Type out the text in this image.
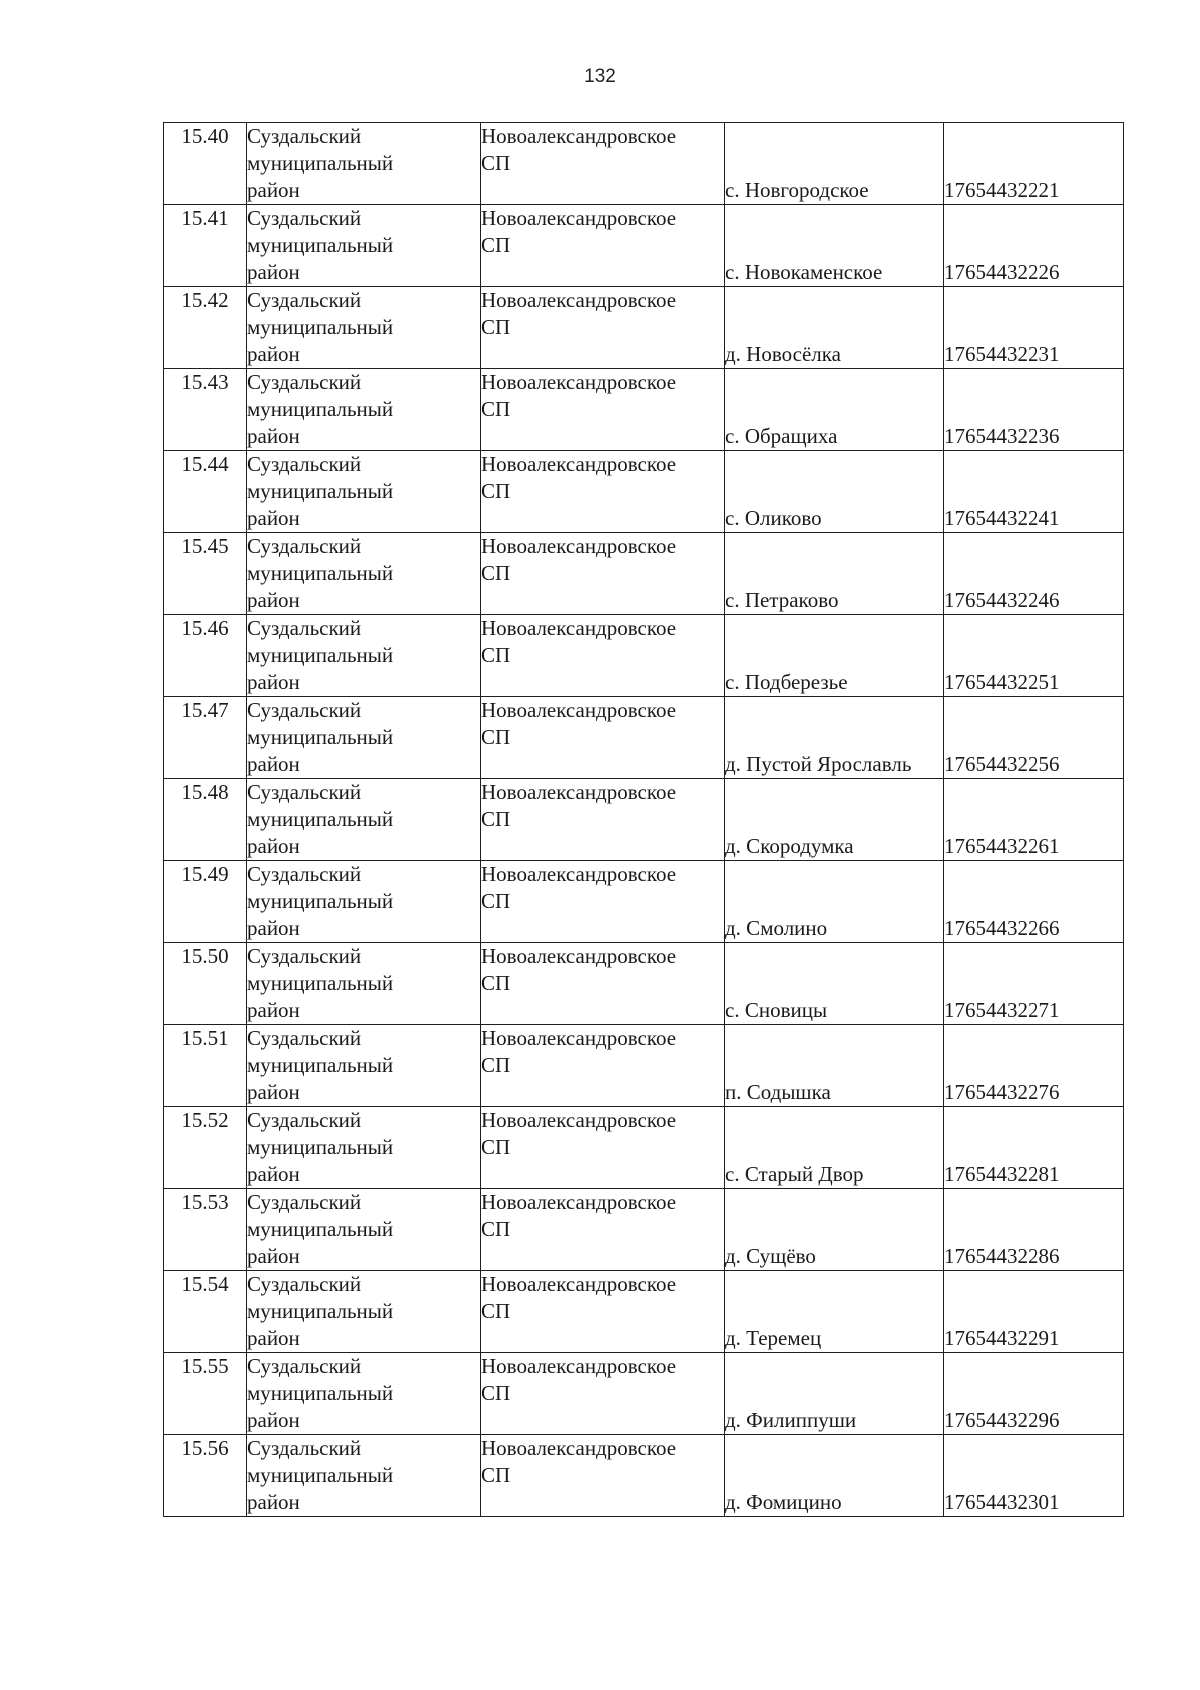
132
15.40	Суздальский
муниципальный
район	Новоалександровское
СП	с. Новгородское	17654432221
15.41	Суздальский
муниципальный
район	Новоалександровское
СП	с. Новокаменское	17654432226
15.42	Суздальский
муниципальный
район	Новоалександровское
СП	д. Новосёлка	17654432231
15.43	Суздальский
муниципальный
район	Новоалександровское
СП	с. Обращиха	17654432236
15.44	Суздальский
муниципальный
район	Новоалександровское
СП	с. Оликово	17654432241
15.45	Суздальский
муниципальный
район	Новоалександровское
СП	с. Петраково	17654432246
15.46	Суздальский
муниципальный
район	Новоалександровское
СП	с. Подберезье	17654432251
15.47	Суздальский
муниципальный
район	Новоалександровское
СП	д. Пустой Ярославль	17654432256
15.48	Суздальский
муниципальный
район	Новоалександровское
СП	д. Скородумка	17654432261
15.49	Суздальский
муниципальный
район	Новоалександровское
СП	д. Смолино	17654432266
15.50	Суздальский
муниципальный
район	Новоалександровское
СП	с. Сновицы	17654432271
15.51	Суздальский
муниципальный
район	Новоалександровское
СП	п. Содышка	17654432276
15.52	Суздальский
муниципальный
район	Новоалександровское
СП	с. Старый Двор	17654432281
15.53	Суздальский
муниципальный
район	Новоалександровское
СП	д. Сущёво	17654432286
15.54	Суздальский
муниципальный
район	Новоалександровское
СП	д. Теремец	17654432291
15.55	Суздальский
муниципальный
район	Новоалександровское
СП	д. Филиппуши	17654432296
15.56	Суздальский
муниципальный
район	Новоалександровское
СП	д. Фомицино	17654432301
